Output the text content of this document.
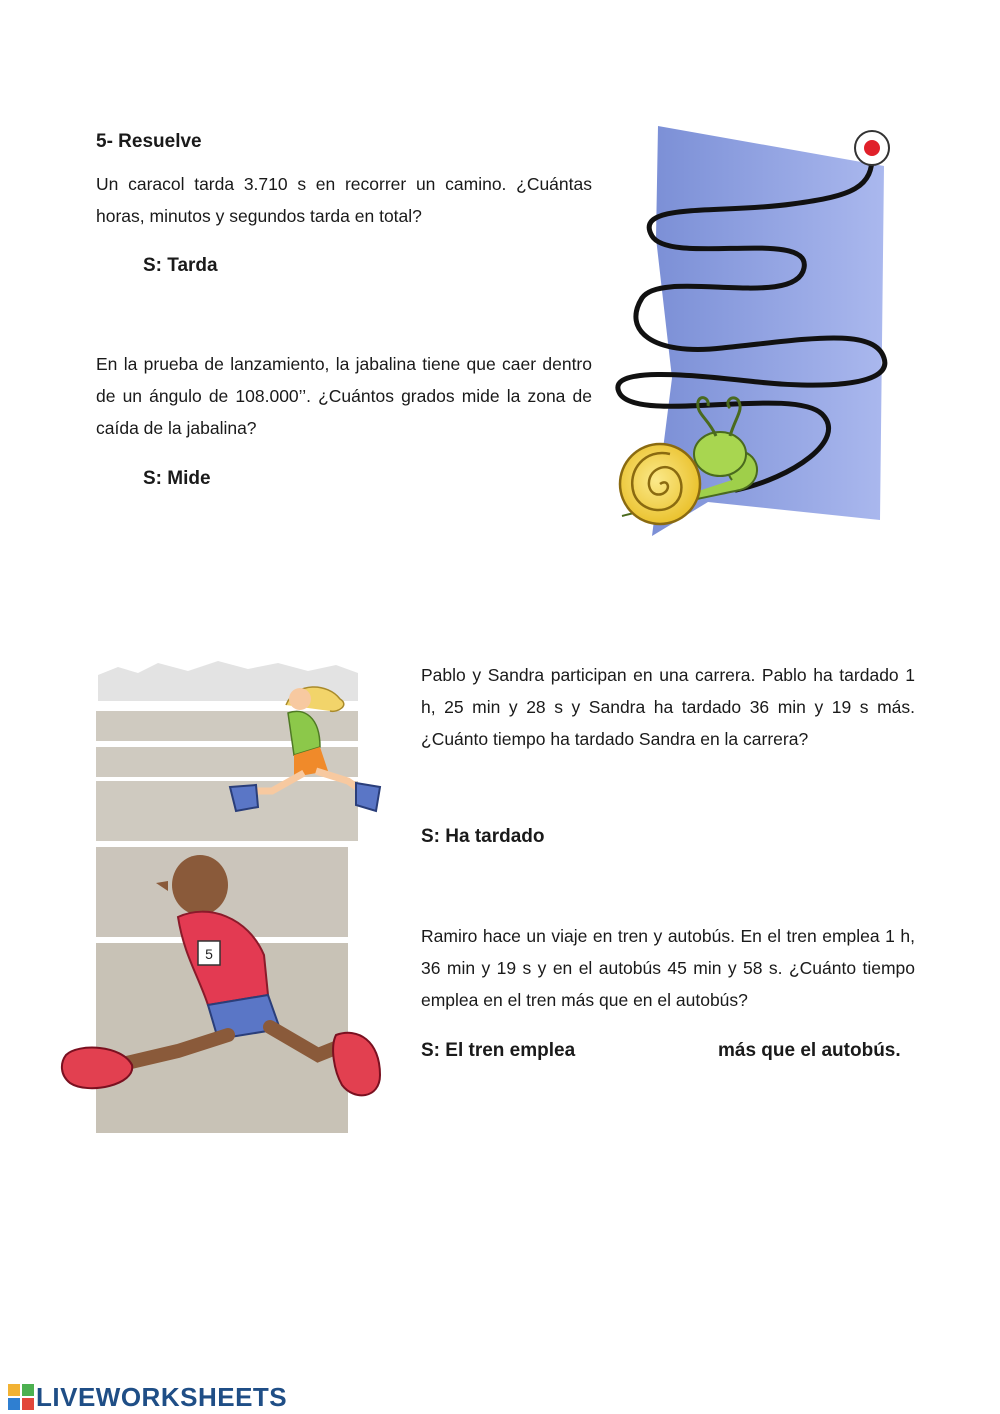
5- Resuelve
Un caracol tarda 3.710 s en recorrer un camino. ¿Cuántas horas, minutos y segundos tarda en total?
S: Tarda
En la prueba de lanzamiento, la jabalina tiene que caer dentro de un ángulo de 108.000’’. ¿Cuántos grados mide la zona de caída de la jabalina?
S: Mide
5
Pablo y Sandra participan en una carrera. Pablo ha tardado 1 h, 25 min y 28 s y Sandra ha tardado 36 min y 19 s más. ¿Cuánto tiempo ha tardado Sandra en la carrera?
S: Ha tardado
Ramiro hace un viaje en tren y autobús. En el tren emplea 1 h, 36 min y 19 s y en el autobús 45 min y 58 s. ¿Cuánto tiempo emplea en el tren más que en el autobús?
S: El tren emplea	más que el autobús.
LIVEWORKSHEETS
